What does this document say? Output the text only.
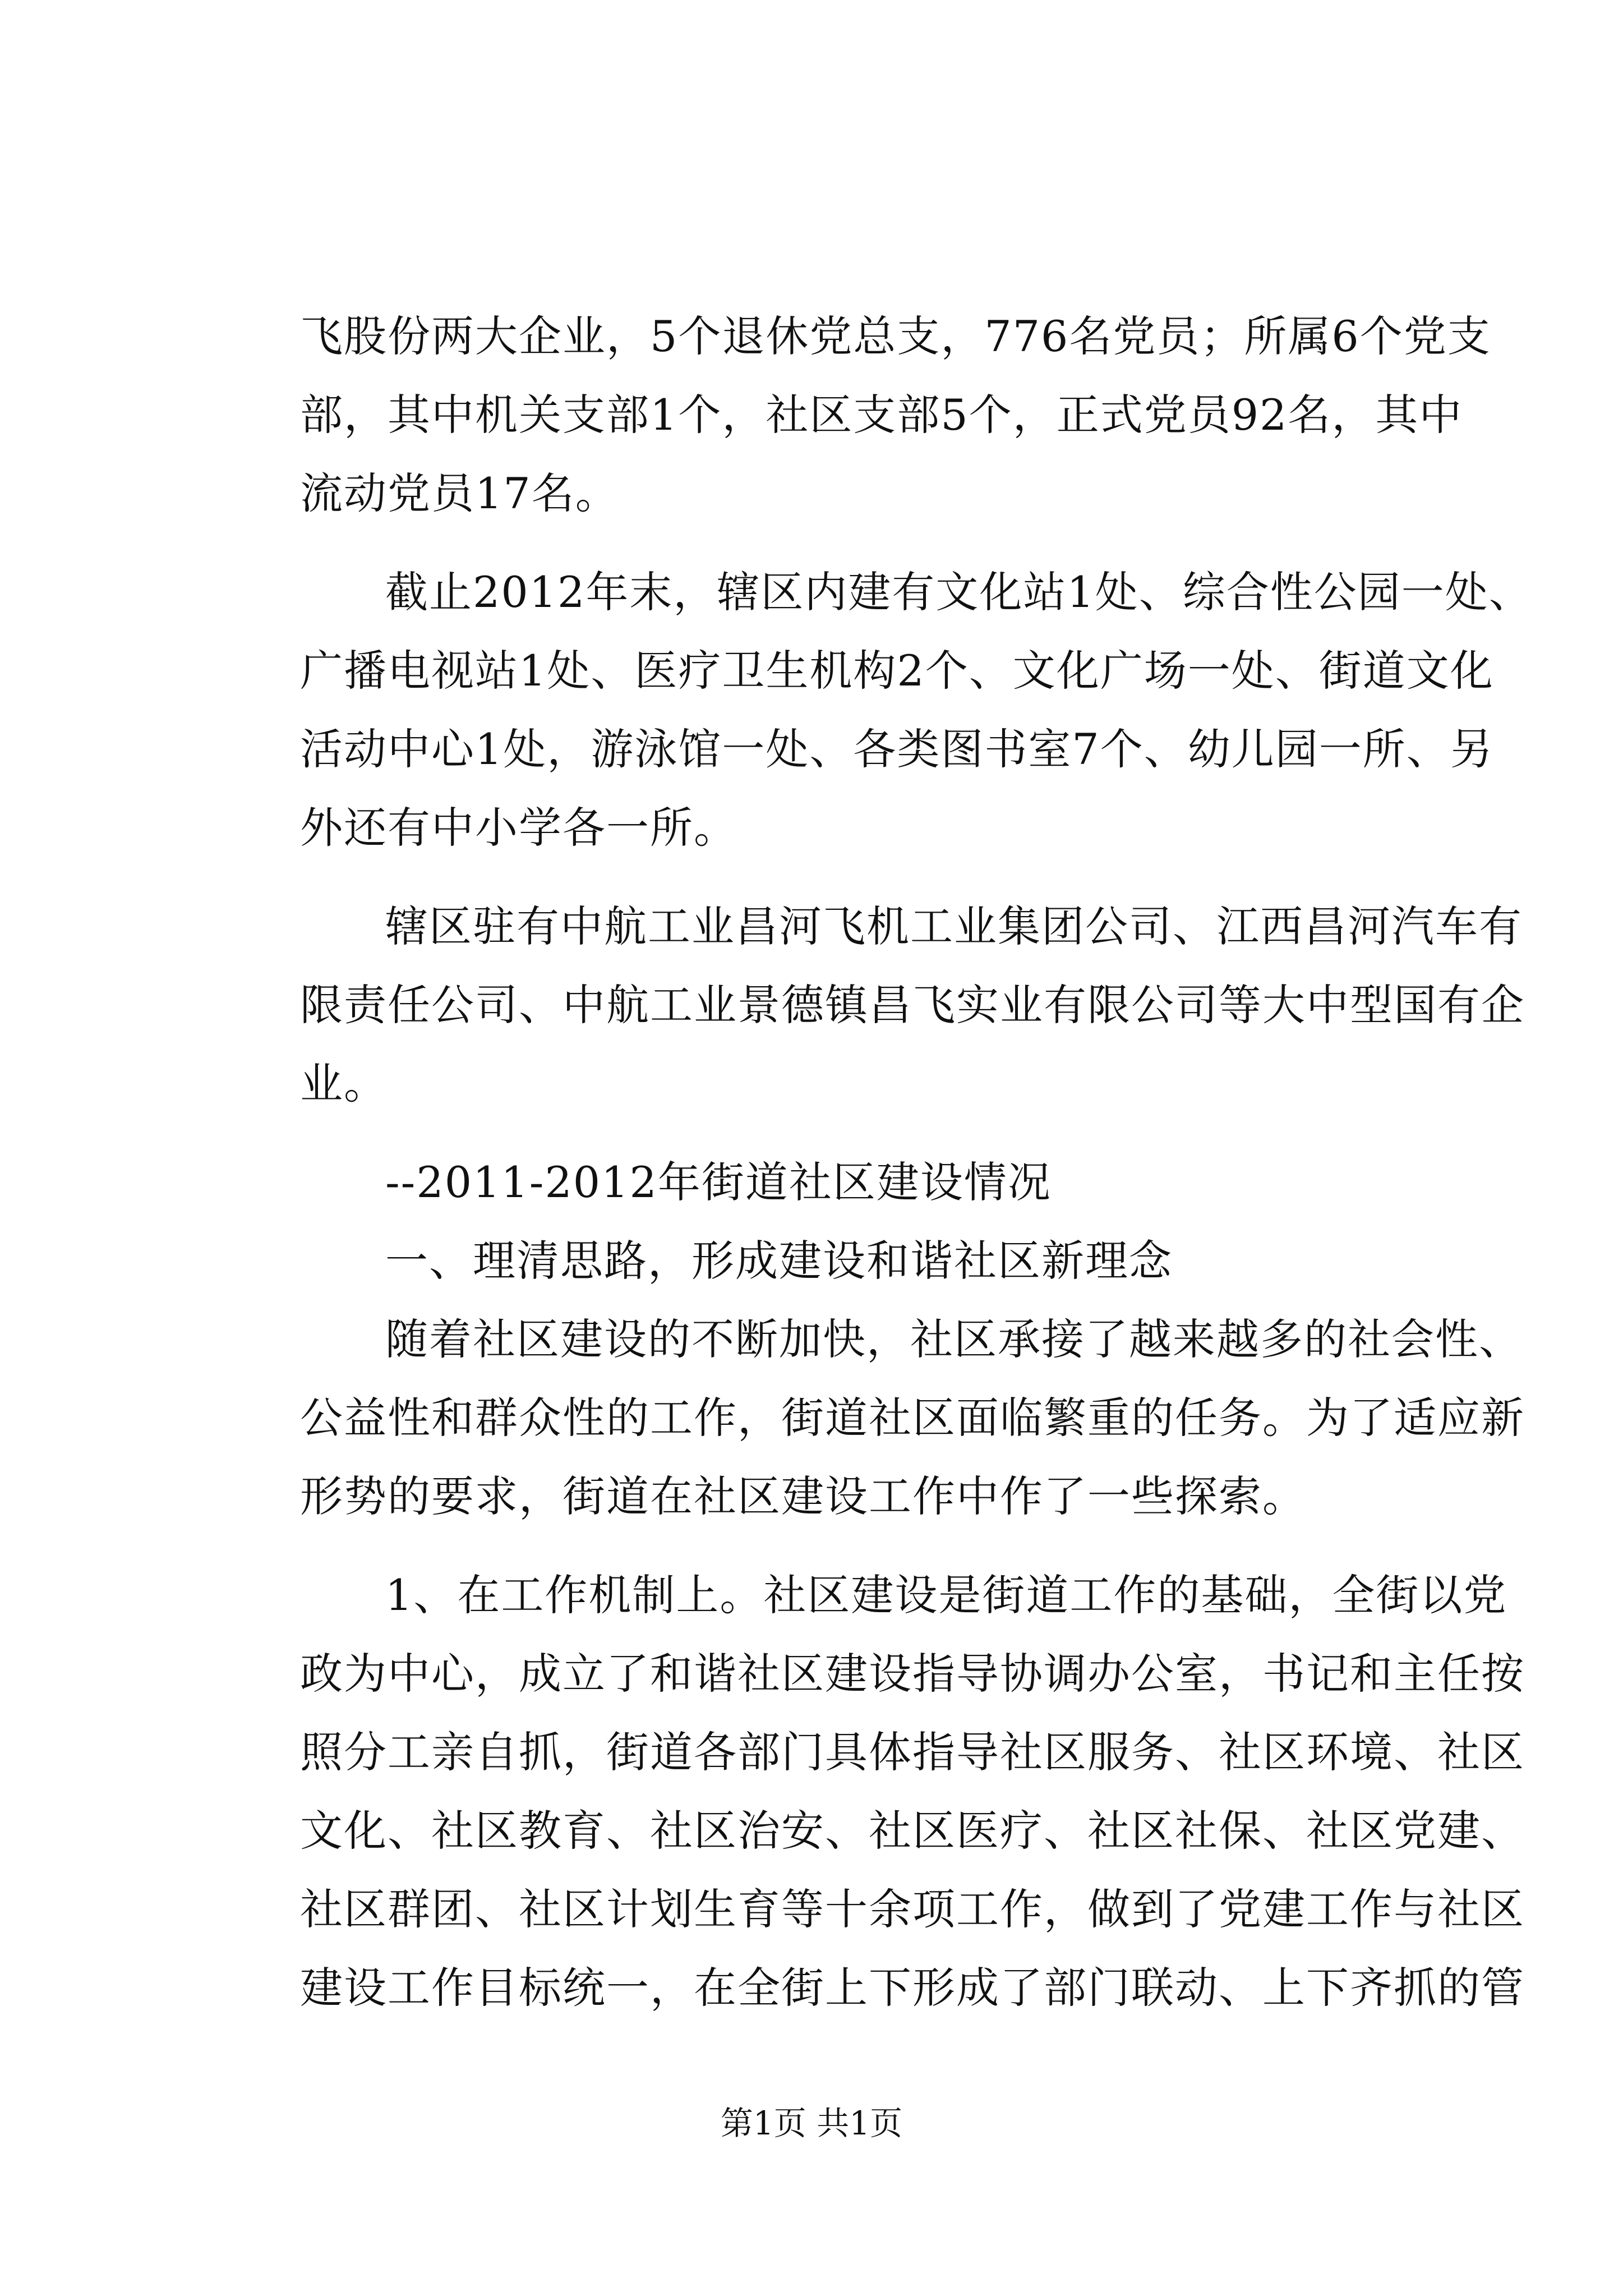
飞股份两大企业，5个退休党总支，776名党员；所属6个党支
部，其中机关支部1个，社区支部5个，正式党员92名，其中
流动党员17名。
截止2012年末，辖区内建有文化站1处、综合性公园一处、
广播电视站1处、医疗卫生机构2个、文化广场一处、街道文化
活动中心1处，游泳馆一处、各类图书室7个、幼儿园一所、另
外还有中小学各一所。
辖区驻有中航工业昌河飞机工业集团公司、江西昌河汽车有
限责任公司、中航工业景德镇昌飞实业有限公司等大中型国有企
业。
--2011-2012年街道社区建设情况
一、理清思路，形成建设和谐社区新理念
随着社区建设的不断加快，社区承接了越来越多的社会性、
公益性和群众性的工作，街道社区面临繁重的任务。为了适应新
形势的要求，街道在社区建设工作中作了一些探索。
1、在工作机制上。社区建设是街道工作的基础，全街以党
政为中心，成立了和谐社区建设指导协调办公室，书记和主任按
照分工亲自抓，街道各部门具体指导社区服务、社区环境、社区
文化、社区教育、社区治安、社区医疗、社区社保、社区党建、
社区群团、社区计划生育等十余项工作，做到了党建工作与社区
建设工作目标统一，在全街上下形成了部门联动、上下齐抓的管
第1页 共1页
